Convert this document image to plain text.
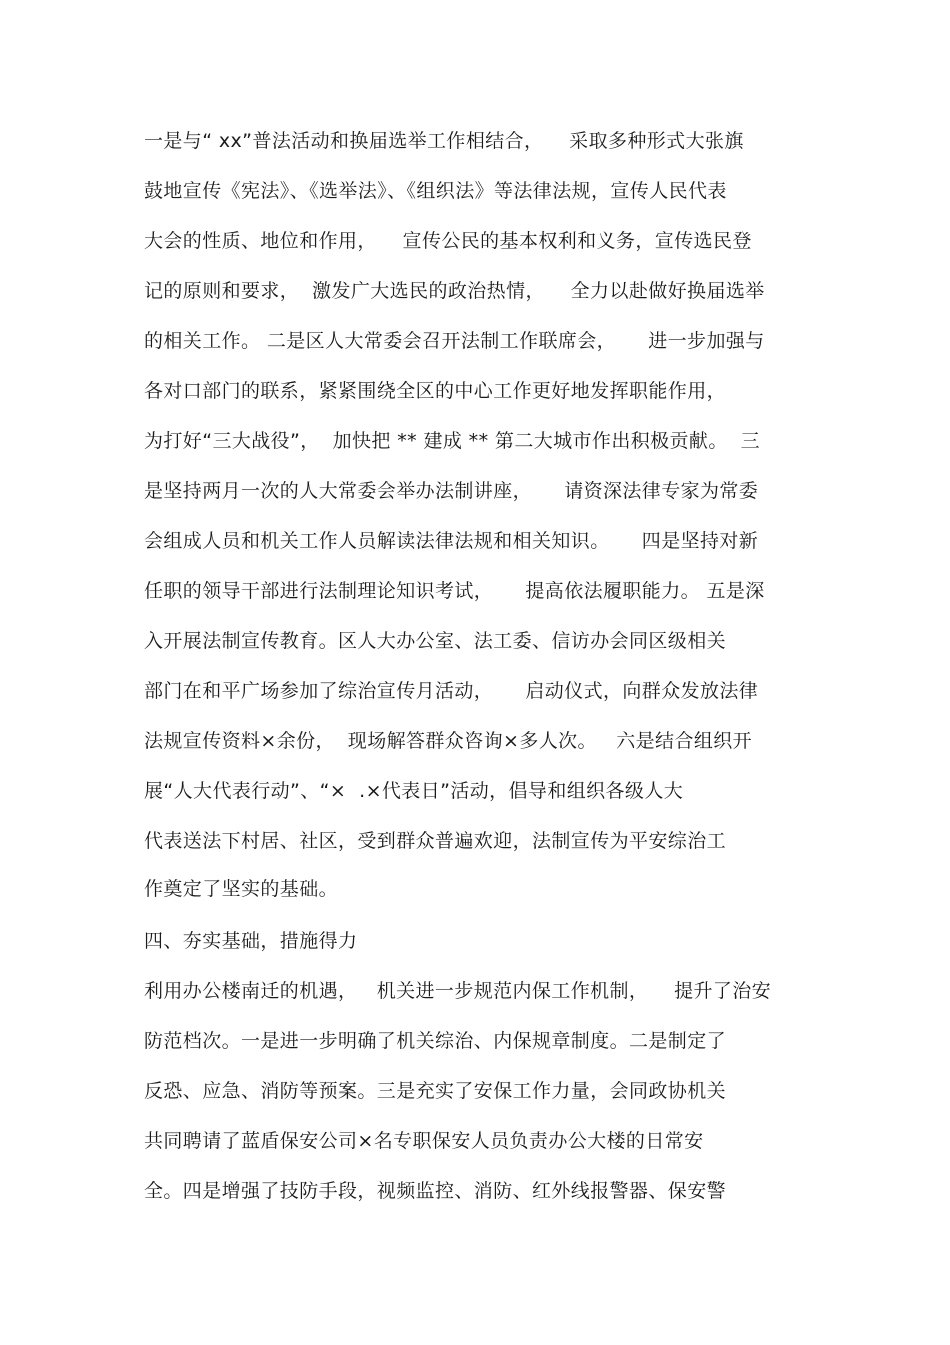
一是与“ xx”普法活动和换届选举工作相结合，    采取多种形式大张旗
鼓地宣传《宪法》、《选举法》、《组织法》等法律法规，宣传人民代表
大会的性质、地位和作用，    宣传公民的基本权利和义务，宣传选民登
记的原则和要求，  激发广大选民的政治热情，    全力以赴做好换届选举
的相关工作。 二是区人大常委会召开法制工作联席会，     进一步加强与
各对口部门的联系，紧紧围绕全区的中心工作更好地发挥职能作用，
为打好“三大战役”，  加快把 ** 建成 ** 第二大城市作出积极贡献。  三
是坚持两月一次的人大常委会举办法制讲座，     请资深法律专家为常委
会组成人员和机关工作人员解读法律法规和相关知识。     四是坚持对新
任职的领导干部进行法制理论知识考试，     提高依法履职能力。 五是深
入开展法制宣传教育。区人大办公室、法工委、信访办会同区级相关
部门在和平广场参加了综治宣传月活动，     启动仪式，向群众发放法律
法规宣传资料×余份，  现场解答群众咨询×多人次。   六是结合组织开
展“人大代表行动”、“×  .×代表日”活动，倡导和组织各级人大
代表送法下村居、社区，受到群众普遍欢迎，法制宣传为平安综治工
作奠定了坚实的基础。
四、夯实基础，措施得力
利用办公楼南迁的机遇，   机关进一步规范内保工作机制，    提升了治安
防范档次。一是进一步明确了机关综治、内保规章制度。二是制定了
反恐、应急、消防等预案。三是充实了安保工作力量，会同政协机关
共同聘请了蓝盾保安公司×名专职保安人员负责办公大楼的日常安
全。四是增强了技防手段，视频监控、消防、红外线报警器、保安警
